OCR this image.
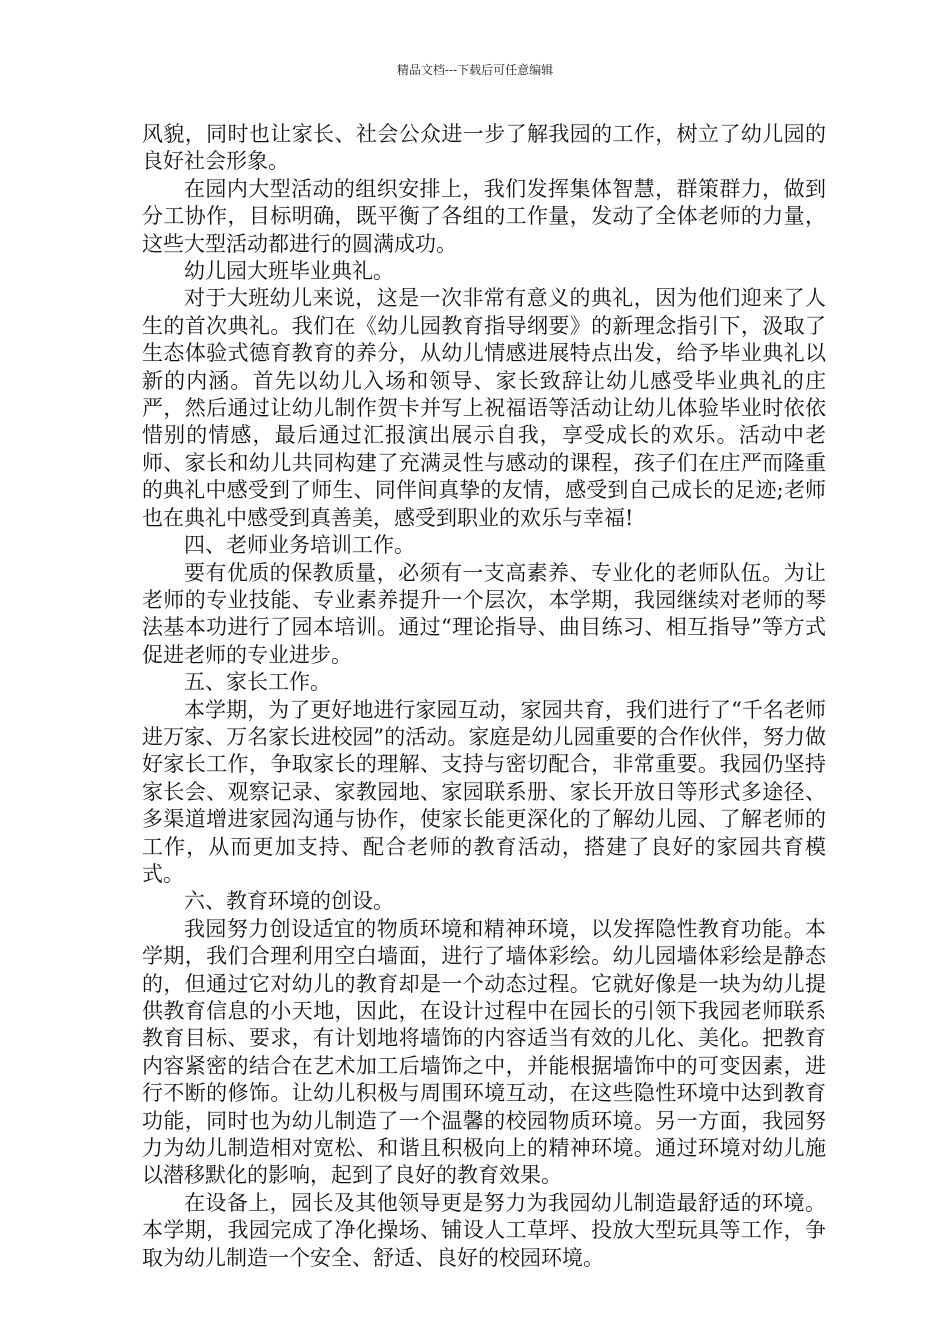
精品文档---下载后可任意编辑

风貌，同时也让家长、社会公众进一步了解我园的工作，树立了幼儿园的良好社会形象。

在园内大型活动的组织安排上，我们发挥集体智慧，群策群力，做到分工协作，目标明确，既平衡了各组的工作量，发动了全体老师的力量，这些大型活动都进行的圆满成功。

幼儿园大班毕业典礼。

对于大班幼儿来说，这是一次非常有意义的典礼，因为他们迎来了人生的首次典礼。我们在《幼儿园教育指导纲要》的新理念指引下，汲取了生态体验式德育教育的养分，从幼儿情感进展特点出发，给予毕业典礼以新的内涵。首先以幼儿入场和领导、家长致辞让幼儿感受毕业典礼的庄严，然后通过让幼儿制作贺卡并写上祝福语等活动让幼儿体验毕业时依依惜别的情感，最后通过汇报演出展示自我，享受成长的欢乐。活动中老师、家长和幼儿共同构建了充满灵性与感动的课程，孩子们在庄严而隆重的典礼中感受到了师生、同伴间真挚的友情，感受到自己成长的足迹;老师也在典礼中感受到真善美，感受到职业的欢乐与幸福!

四、老师业务培训工作。

要有优质的保教质量，必须有一支高素养、专业化的老师队伍。为让老师的专业技能、专业素养提升一个层次，本学期，我园继续对老师的琴法基本功进行了园本培训。通过“理论指导、曲目练习、相互指导”等方式促进老师的专业进步。

五、家长工作。

本学期，为了更好地进行家园互动，家园共育，我们进行了“千名老师进万家、万名家长进校园”的活动。家庭是幼儿园重要的合作伙伴，努力做好家长工作，争取家长的理解、支持与密切配合，非常重要。我园仍坚持家长会、观察记录、家教园地、家园联系册、家长开放日等形式多途径、多渠道增进家园沟通与协作，使家长能更深化的了解幼儿园、了解老师的工作，从而更加支持、配合老师的教育活动，搭建了良好的家园共育模式。

六、教育环境的创设。

我园努力创设适宜的物质环境和精神环境，以发挥隐性教育功能。本学期，我们合理利用空白墙面，进行了墙体彩绘。幼儿园墙体彩绘是静态的，但通过它对幼儿的教育却是一个动态过程。它就好像是一块为幼儿提供教育信息的小天地，因此，在设计过程中在园长的引领下我园老师联系教育目标、要求，有计划地将墙饰的内容适当有效的儿化、美化。把教育内容紧密的结合在艺术加工后墙饰之中，并能根据墙饰中的可变因素，进行不断的修饰。让幼儿积极与周围环境互动，在这些隐性环境中达到教育功能，同时也为幼儿制造了一个温馨的校园物质环境。另一方面，我园努力为幼儿制造相对宽松、和谐且积极向上的精神环境。通过环境对幼儿施以潜移默化的影响，起到了良好的教育效果。

在设备上，园长及其他领导更是努力为我园幼儿制造最舒适的环境。本学期，我园完成了净化操场、铺设人工草坪、投放大型玩具等工作，争取为幼儿制造一个安全、舒适、良好的校园环境。
